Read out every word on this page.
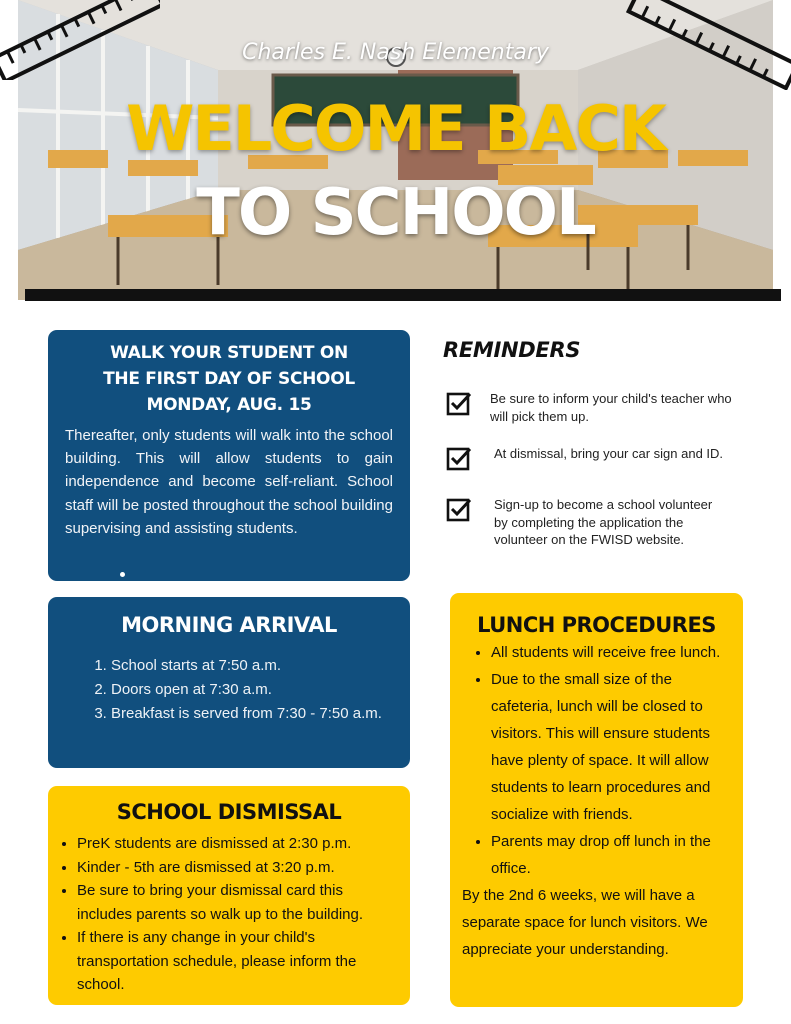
Charles E. Nash Elementary
WELCOME BACK
TO SCHOOL
WALK YOUR STUDENT ON
THE FIRST DAY OF SCHOOL
MONDAY, AUG. 15

Thereafter, only students will walk into the school building. This will allow students to gain independence and become self-reliant. School staff will be posted throughout the school building supervising and assisting students.

REMINDERS
Be sure to inform your child's teacher who will pick them up.
At dismissal, bring your car sign and ID.
Sign-up to become a school volunteer by completing the application the volunteer on the FWISD website.
MORNING ARRIVAL
1. School starts at 7:50 a.m.
2. Doors open at 7:30 a.m.
3. Breakfast is served from 7:30 - 7:50 a.m.
SCHOOL DISMISSAL
• PreK students are dismissed at 2:30 p.m.
• Kinder - 5th are dismissed at 3:20 p.m.
• Be sure to bring your dismissal card this includes parents so walk up to the building.
• If there is any change in your child's transportation schedule, please inform the school.
LUNCH PROCEDURES
• All students will receive free lunch.
• Due to the small size of the cafeteria, lunch will be closed to visitors. This will ensure students have plenty of space. It will allow students to learn procedures and socialize with friends.
• Parents may drop off lunch in the office.

By the 2nd 6 weeks, we will have a separate space for lunch visitors. We appreciate your understanding.
